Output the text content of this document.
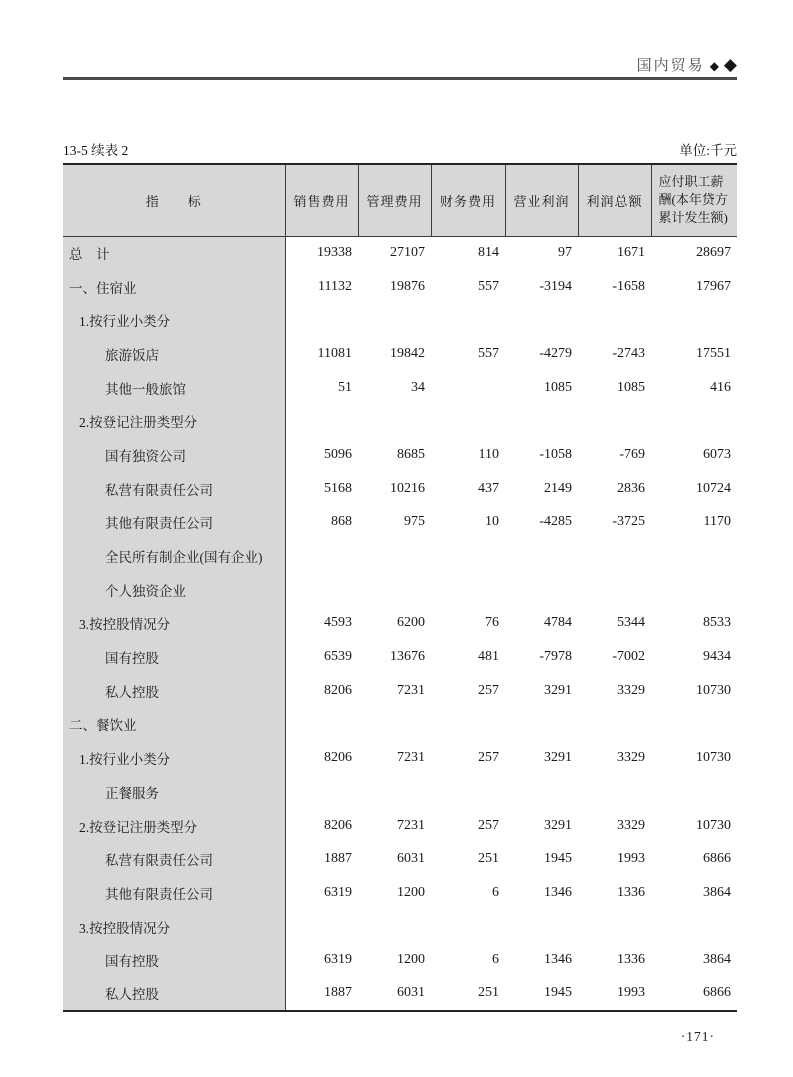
国内贸易 ◆ ◆
13-5 续表 2	单位:千元
指　　标	销售费用	管理费用	财务费用	营业利润	利润总额	应付职工薪酬(本年贷方累计发生额)
总　计	19338	27107	814	97	1671	28697
一、住宿业	11132	19876	557	-3194	-1658	17967
1.按行业小类分						
旅游饭店	11081	19842	557	-4279	-2743	17551
其他一般旅馆	51	34		1085	1085	416
2.按登记注册类型分						
国有独资公司	5096	8685	110	-1058	-769	6073
私营有限责任公司	5168	10216	437	2149	2836	10724
其他有限责任公司	868	975	10	-4285	-3725	1170
全民所有制企业(国有企业)						
个人独资企业						
3.按控股情况分	4593	6200	76	4784	5344	8533
国有控股	6539	13676	481	-7978	-7002	9434
私人控股	8206	7231	257	3291	3329	10730
二、餐饮业						
1.按行业小类分	8206	7231	257	3291	3329	10730
正餐服务						
2.按登记注册类型分	8206	7231	257	3291	3329	10730
私营有限责任公司	1887	6031	251	1945	1993	6866
其他有限责任公司	6319	1200	6	1346	1336	3864
3.按控股情况分						
国有控股	6319	1200	6	1346	1336	3864
私人控股	1887	6031	251	1945	1993	6866
·171·
